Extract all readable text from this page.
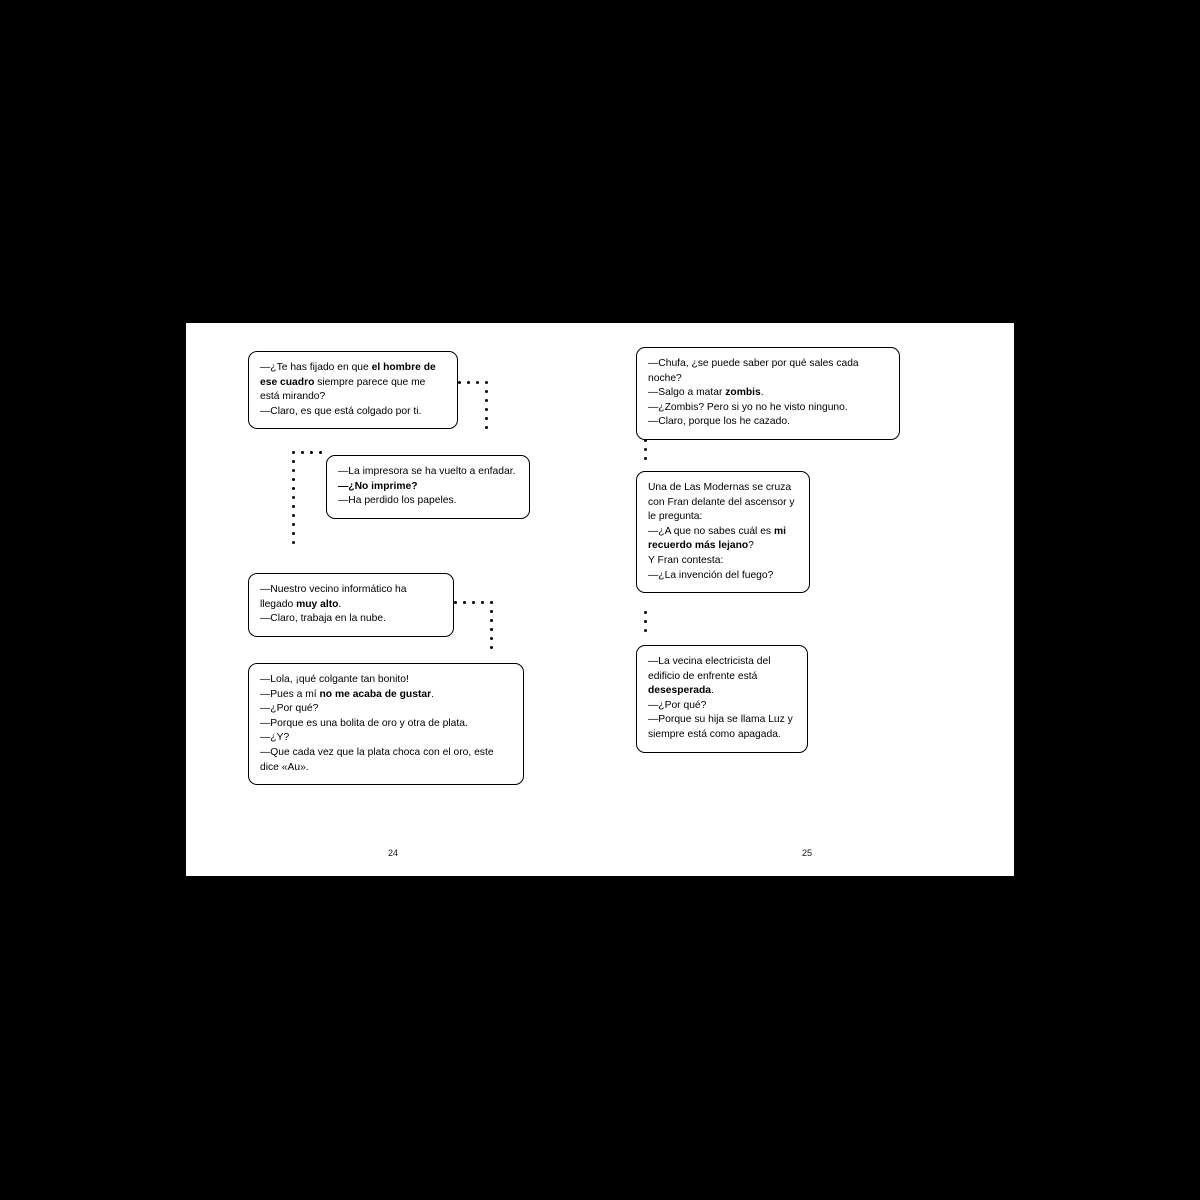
—¿Te has fijado en que el hombre de ese cuadro siempre parece que me está mirando?

—Claro, es que está colgado por ti.

—La impresora se ha vuelto a enfadar.

—¿No imprime?

—Ha perdido los papeles.

—Nuestro vecino informático ha llegado muy alto.

—Claro, trabaja en la nube.

—Lola, ¡qué colgante tan bonito!

—Pues a mí no me acaba de gustar.

—¿Por qué?

—Porque es una bolita de oro y otra de plata.

—¿Y?

—Que cada vez que la plata choca con el oro, este dice «Au».

24

—Chufa, ¿se puede saber por qué sales cada noche?

—Salgo a matar zombis.

—¿Zombis? Pero si yo no he visto ninguno.

—Claro, porque los he cazado.

Una de Las Modernas se cruza con Fran delante del ascensor y le pregunta:

—¿A que no sabes cuál es mi recuerdo más lejano?

Y Fran contesta:

—¿La invención del fuego?

—La vecina electricista del edificio de enfrente está desesperada.

—¿Por qué?

—Porque su hija se llama Luz y siempre está como apagada.

25
